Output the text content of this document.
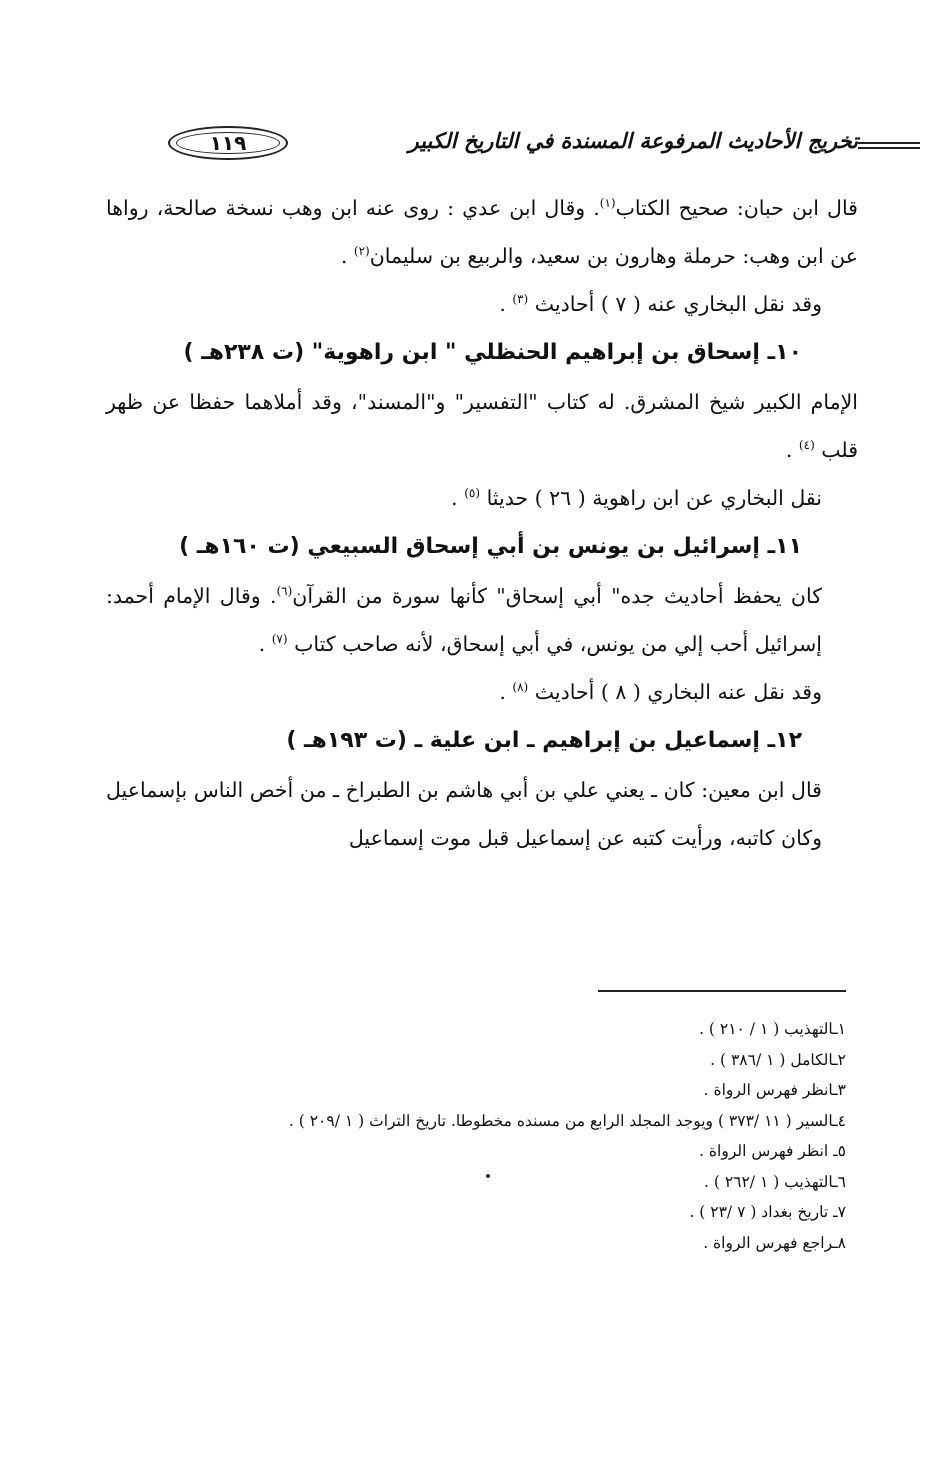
١١٩	تخريج الأحاديث المرفوعة المسندة في التاريخ الكبير

قال ابن حبان: صحيح الكتاب$^{(١)}$. وقال ابن عدي : روى عنه ابن وهب نسخة صالحة، رواها عن ابن وهب: حرملة وهارون بن سعيد، والربيع بن سليمان$^{(٢)}$ .

وقد نقل البخاري عنه ( ٧ ) أحاديث $^{(٣)}$ .

١٠ـ إسحاق بن إبراهيم الحنظلي " ابن راهوية" (ت ٢٣٨هـ )

الإمام الكبير شيخ المشرق. له كتاب "التفسير" و"المسند"، وقد أملاهما حفظا عن ظهر قلب $^{(٤)}$ .

نقل البخاري عن ابن راهوية ( ٢٦ ) حديثا $^{(٥)}$ .

١١ـ إسرائيل بن يونس بن أبي إسحاق السبيعي (ت ١٦٠هـ )

كان يحفظ أحاديث جده" أبي إسحاق" كأنها سورة من القرآن$^{(٦)}$. وقال الإمام أحمد: إسرائيل أحب إلي من يونس، في أبي إسحاق، لأنه صاحب كتاب $^{(٧)}$ .

وقد نقل عنه البخاري ( ٨ ) أحاديث $^{(٨)}$ .

١٢ـ إسماعيل بن إبراهيم ـ ابن علية ـ (ت ١٩٣هـ )

قال ابن معين: كان ـ يعني علي بن أبي هاشم بن الطبراخ ـ من أخص الناس بإسماعيل وكان كاتبه، ورأيت كتبه عن إسماعيل قبل موت إسماعيل

١ـالتهذيب ( ١ / ٢١٠ ) .

٢ـالكامل ( ١ /٣٨٦ ) .

٣ـانظر فهرس الرواة .

٤ـالسير ( ١١ /٣٧٣ ) ويوجد المجلد الرابع من مسنده مخطوطا. تاريخ التراث ( ١ /٢٠٩ ) .

٥ـ انظر فهرس الرواة .

٦ـالتهذيب ( ١ /٢٦٢ ) .

٧ـ تاريخ بغداد ( ٧ /٢٣ ) .

٨ـراجع فهرس الرواة .
